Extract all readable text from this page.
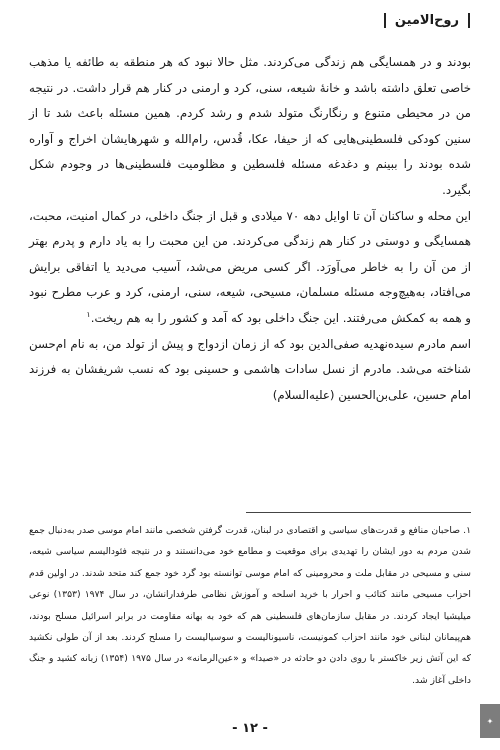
روح‌الامین

بودند و در همسایگی هم زندگی می‌کردند. مثل حالا نبود که هر منطقه به طائفه یا مذهب خاصی تعلق داشته باشد و خانهٔ شیعه، سنی، کرد و ارمنی در کنار هم قرار داشت. در نتیجه من در محیطی متنوع و رنگارنگ متولد شدم و رشد کردم. همین مسئله باعث شد تا از سنین کودکی فلسطینی‌هایی که از حیفا، عکا، قُدس، رام‌الله و شهرهایشان اخراج و آواره شده بودند را ببینم و دغدغه مسئله فلسطین و مظلومیت فلسطینی‌ها در وجودم شکل بگیرد.

این محله و ساکنان آن تا اوایل دهه ۷۰ میلادی و قبل از جنگ داخلی، در کمال امنیت، محبت، همسایگی و دوستی در کنار هم زندگی می‌کردند. من این محبت را به یاد دارم و پدرم بهتر از من آن را به خاطر می‌آورَد. اگر کسی مریض می‌شد، آسیب می‌دید یا اتفاقی برایش می‌افتاد، به‌هیچ‌وجه مسئله مسلمان، مسیحی، شیعه، سنی، ارمنی، کرد و عرب مطرح نبود و همه به کمکش می‌رفتند. این جنگ داخلی بود که آمد و کشور را به هم ریخت.$^۱$

اسم مادرم سیده‌نهدیه صفی‌الدین بود که از زمان ازدواج و پیش از تولد من، به نام ام‌حسن شناخته می‌شد. مادرم از نسل سادات هاشمی و حسینی بود که نسب شریفشان به فرزند امام حسین، علی‌بن‌الحسین (علیه‌السلام)

۱. صاحبان منافع و قدرت‌های سیاسی و اقتصادی در لبنان، قدرت گرفتن شخصی مانند امام موسی صدر به‌دنبال جمع شدن مردم به دور ایشان را تهدیدی برای موقعیت و مطامع خود می‌دانستند و در نتیجه فئودالیسم سیاسی شیعه، سنی و مسیحی در مقابل ملت و محرومینی که امام موسی توانسته بود گرد خود جمع کند متحد شدند. در اولین قدم احزاب مسیحی مانند کتائب و احرار با خرید اسلحه و آموزش نظامی طرفدارانشان، در سال ۱۹۷۴ (۱۳۵۳) نوعی میلیشیا ایجاد کردند. در مقابل سازمان‌های فلسطینی هم که خود به بهانه مقاومت در برابر اسرائیل مسلح بودند، هم‌پیمانان لبنانی خود مانند احزاب کمونیست، ناسیونالیست و سوسیالیست را مسلح کردند. بعد از آن طولی نکشید که این آتش زیر خاکستر با روی دادن دو حادثه در «صیدا» و «عین‌الرمانه» در سال ۱۹۷۵ (۱۳۵۴) زبانه کشید و جنگ داخلی آغاز شد.

- ۱۲ -	✦
